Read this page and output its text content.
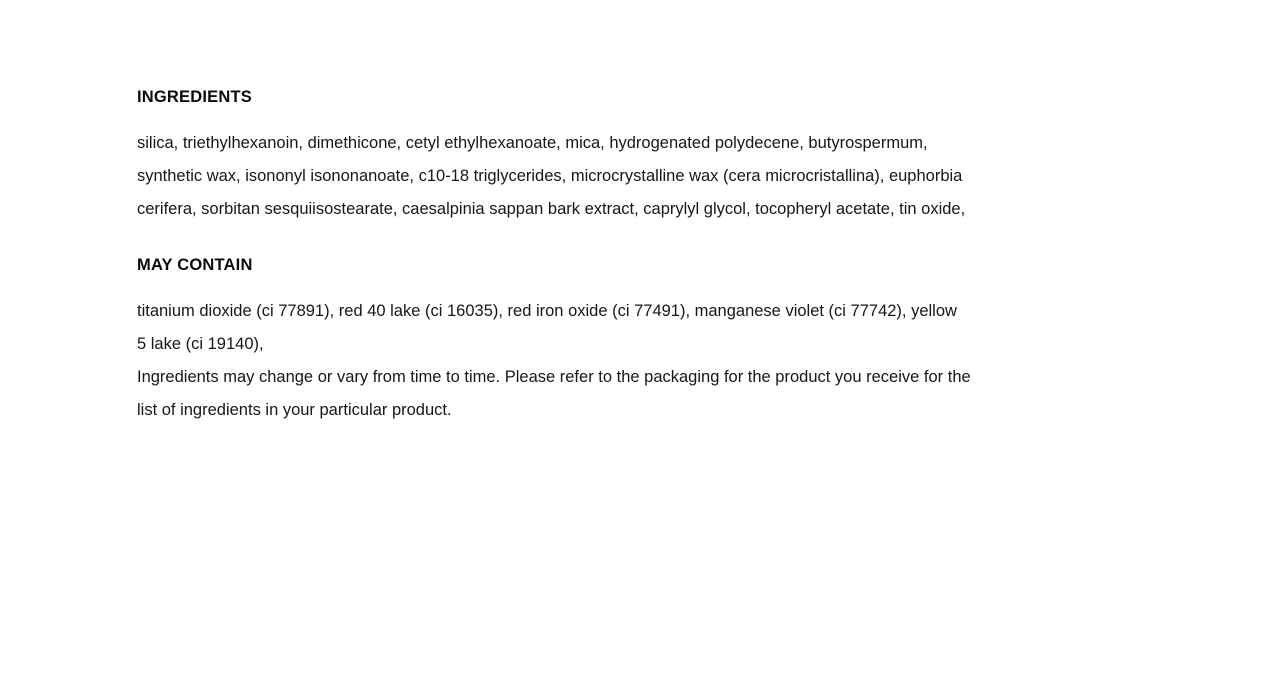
INGREDIENTS

silica, triethylhexanoin, dimethicone, cetyl ethylhexanoate, mica, hydrogenated polydecene, butyrospermum, synthetic wax, isononyl isononanoate, c10-18 triglycerides, microcrystalline wax (cera microcristallina), euphorbia cerifera, sorbitan sesquiisostearate, caesalpinia sappan bark extract, caprylyl glycol, tocopheryl acetate, tin oxide,

MAY CONTAIN

titanium dioxide (ci 77891), red 40 lake (ci 16035), red iron oxide (ci 77491), manganese violet (ci 77742), yellow 5 lake (ci 19140),

Ingredients may change or vary from time to time. Please refer to the packaging for the product you receive for the list of ingredients in your particular product.
